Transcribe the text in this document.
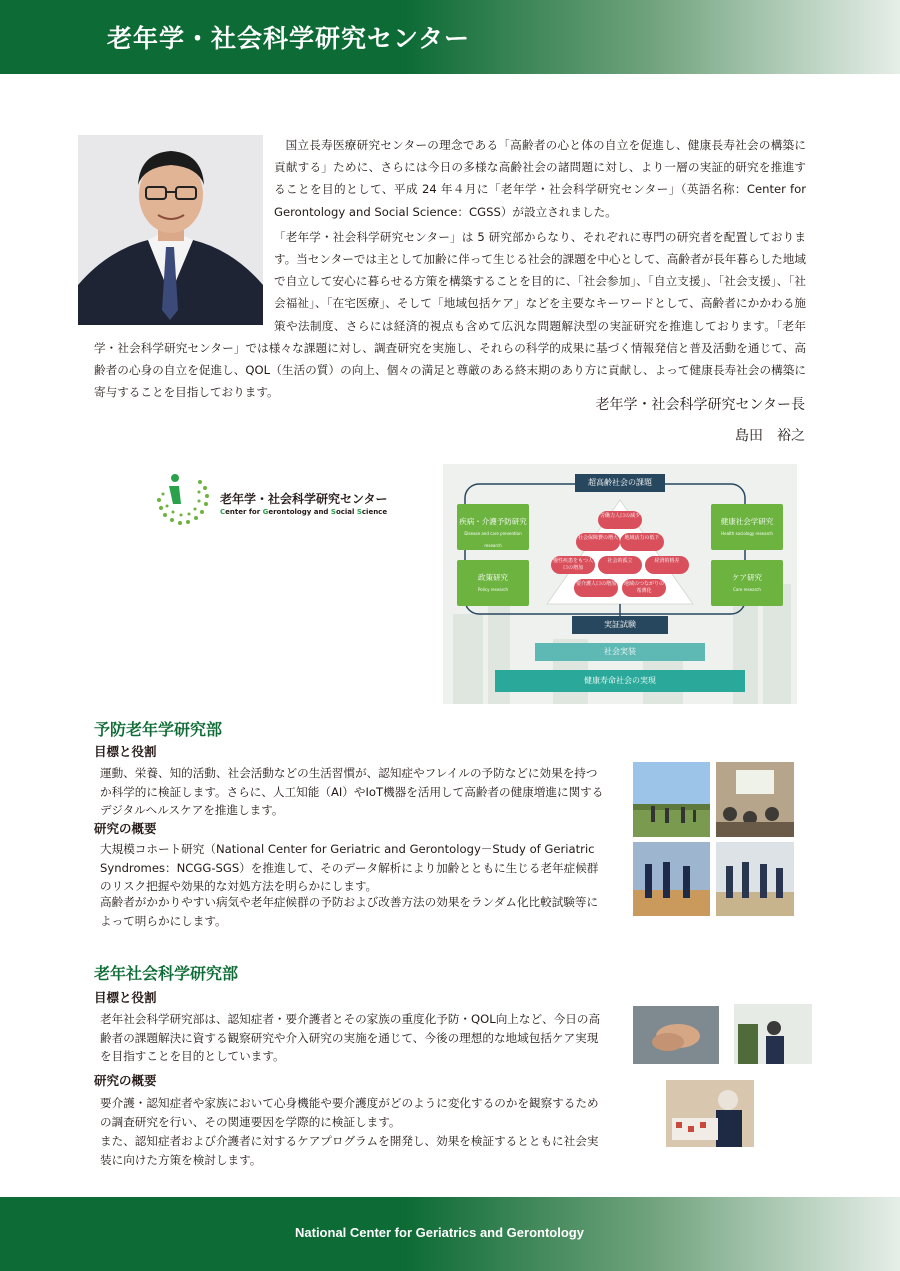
老年学・社会科学研究センター

国立長寿医療研究センターの理念である「高齢者の心と体の自立を促進し、健康長寿社会の構築に貢献する」ために、さらには今日の多様な高齢社会の諸問題に対し、より一層の実証的研究を推進することを目的として、平成 24 年４月に「老年学・社会科学研究センター」（英語名称：Center for Gerontology and Social Science：CGSS）が設立されました。

「老年学・社会科学研究センター」は 5 研究部からなり、それぞれに専門の研究者を配置しております。当センターでは主として加齢に伴って生じる社会的課題を中心として、高齢者が長年暮らした地域で自立して安心に暮らせる方策を構築することを目的に、「社会参加」、「自立支援」、「社会支援」、「社会福祉」、「在宅医療」、そして「地域包括ケア」などを主要なキーワードとして、高齢者にかかわる施策や法制度、さらには経済的視点も含めて広汎な問題解決型の実証研究を推進しております。「老年学・社会科学研究センター」では様々な課題に対し、調査研究を実施し、それらの科学的成果に基づく情報発信と普及活動を通じて、高齢者の心身の自立を促進し、QOL（生活の質）の向上、個々の満足と尊厳のある終末期のあり方に貢献し、よって健康長寿社会の構築に寄与することを目指しております。

老年学・社会科学研究センター長
島田　裕之
老年学・社会科学研究センター
Center for Gerontology and Social Science
超高齢社会の課題
疾病・介護予防研究
Disease and care prevention research
政策研究
Policy research
健康社会学研究
Health sociology research
ケア研究
Care research
労働力人口の減少
社会保障費の増大	地域活力の低下
慢性疾患をもつ人口の増加
社会的孤立	経済的格差
要介護人口の増加	地域のつながりの希薄化
実証試験
社会実装
健康寿命社会の実現
予防老年学研究部
目標と役割
運動、栄養、知的活動、社会活動などの生活習慣が、認知症やフレイルの予防などに効果を持つか科学的に検証します。さらに、人工知能（AI）やIoT機器を活用して高齢者の健康増進に関するデジタルヘルスケアを推進します。
研究の概要
大規模コホート研究（National Center for Geriatric and Gerontology－Study of Geriatric Syndromes：NCGG-SGS）を推進して、そのデータ解析により加齢とともに生じる老年症候群のリスク把握や効果的な対処方法を明らかにします。
高齢者がかかりやすい病気や老年症候群の予防および改善方法の効果をランダム化比較試験等によって明らかにします。
老年社会科学研究部
目標と役割
老年社会科学研究部は、認知症者・要介護者とその家族の重度化予防・QOL向上など、今日の高齢者の課題解決に資する観察研究や介入研究の実施を通じて、今後の理想的な地域包括ケア実現を目指すことを目的としています。
研究の概要
要介護・認知症者や家族において心身機能や要介護度がどのように変化するのかを観察するための調査研究を行い、その関連要因を学際的に検証します。
また、認知症者および介護者に対するケアプログラムを開発し、効果を検証するとともに社会実装に向けた方策を検討します。
National Center for Geriatrics and Gerontology
